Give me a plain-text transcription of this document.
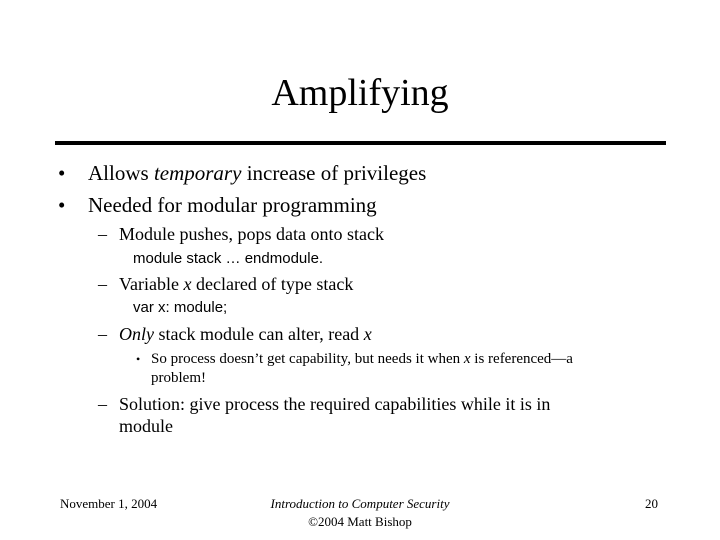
Amplifying
• Allows temporary increase of privileges
• Needed for modular programming
– Module pushes, pops data onto stack
module stack … endmodule.
– Variable x declared of type stack
var x: module;
– Only stack module can alter, read x
• So process doesn’t get capability, but needs it when x is referenced—a
problem!
– Solution: give process the required capabilities while it is in
module
November 1, 2004	Introduction to Computer Security
©2004 Matt Bishop
20
